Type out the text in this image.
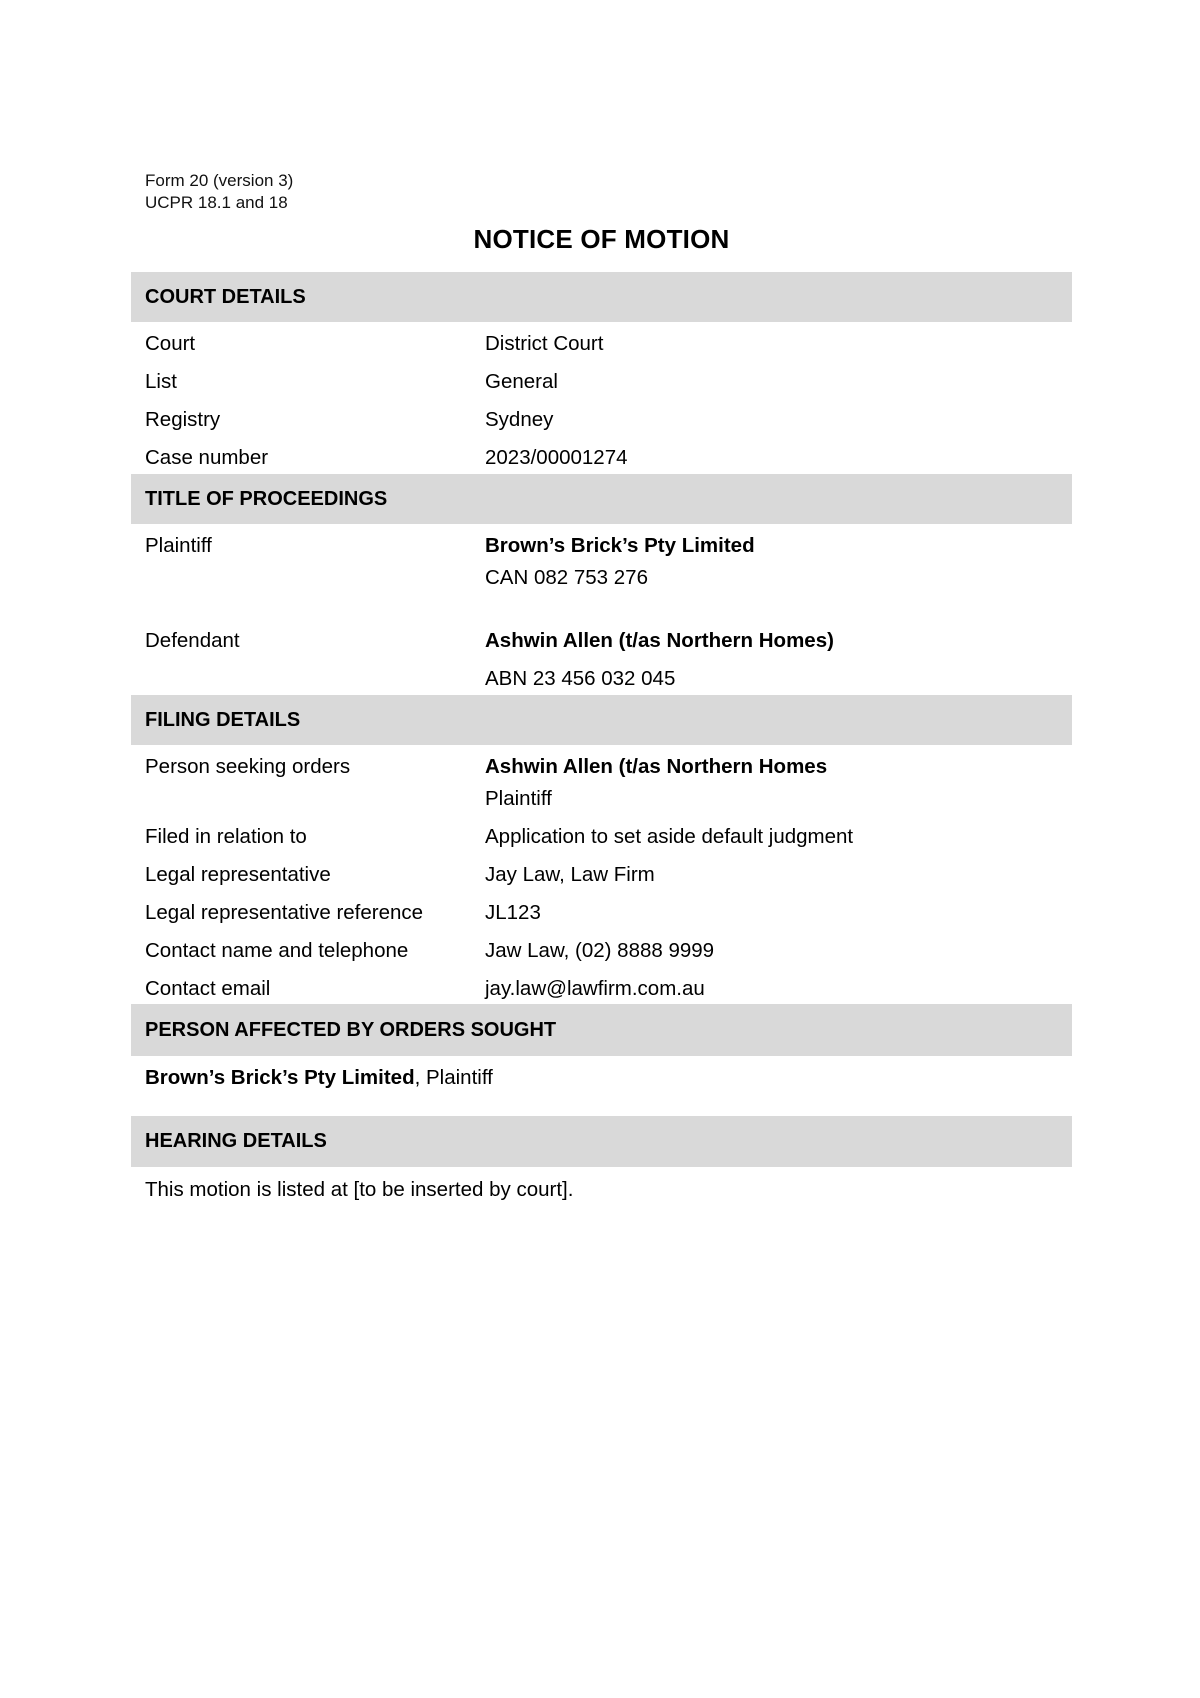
Form 20 (version 3)
UCPR 18.1 and 18
NOTICE OF MOTION
COURT DETAILS
Court	District Court
List	General
Registry	Sydney
Case number	2023/00001274
TITLE OF PROCEEDINGS
Plaintiff	Brown’s Brick’s Pty Limited
CAN 082 753 276
Defendant	Ashwin Allen (t/as Northern Homes)
ABN 23 456 032 045
FILING DETAILS
Person seeking orders	Ashwin Allen (t/as Northern Homes
Plaintiff
Filed in relation to	Application to set aside default judgment
Legal representative	Jay Law, Law Firm
Legal representative reference	JL123
Contact name and telephone	Jaw Law, (02) 8888 9999
Contact email	jay.law@lawfirm.com.au
PERSON AFFECTED BY ORDERS SOUGHT
Brown’s Brick’s Pty Limited, Plaintiff
HEARING DETAILS
This motion is listed at [to be inserted by court].
